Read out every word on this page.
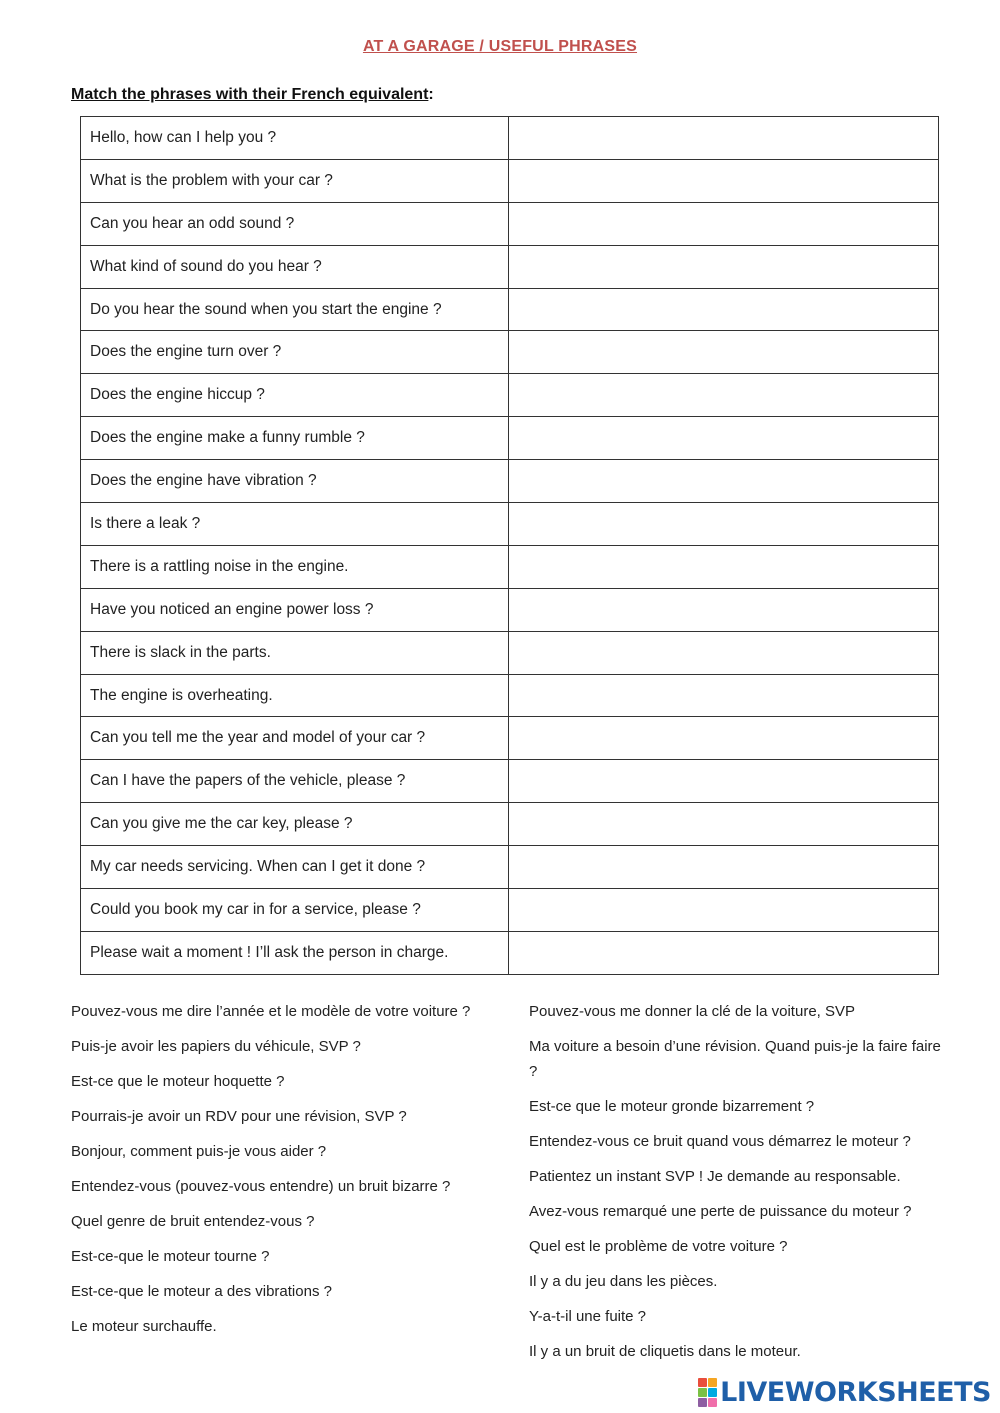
AT A GARAGE / USEFUL PHRASES
Match the phrases with their French equivalent:
Hello, how can I help you ?	
What is the problem with your car ?	
Can you hear an odd sound ?	
What kind of sound do you hear ?	
Do you hear the sound when you start the engine ?	
Does the engine turn over ?	
Does the engine hiccup ?	
Does the engine make a funny rumble ?	
Does the engine have vibration ?	
Is there a leak ?	
There is a rattling noise in the engine.	
Have you noticed an engine power loss ?	
There is slack in the parts.	
The engine is overheating.	
Can you tell me the year and model of your car ?	
Can I have the papers of the vehicle, please ?	
Can you give me the car key, please ?	
My car needs servicing. When can I get it done ?	
Could you book my car in for a service, please ?	
Please wait a moment ! I’ll ask the person in charge.	
Pouvez-vous me dire l’année et le modèle de votre voiture ?
Puis-je avoir les papiers du véhicule, SVP ?
Est-ce que le moteur hoquette ?
Pourrais-je avoir un RDV pour une révision, SVP ?
Bonjour, comment puis-je vous aider ?
Entendez-vous (pouvez-vous entendre) un bruit bizarre ?
Quel genre de bruit entendez-vous ?
Est-ce-que le moteur tourne ?
Est-ce-que le moteur a des vibrations ?
Le moteur surchauffe.
Pouvez-vous me donner la clé de la voiture, SVP
Ma voiture a besoin d’une révision. Quand puis-je la faire faire ?
Est-ce que le moteur gronde bizarrement ?
Entendez-vous ce bruit quand vous démarrez le moteur ?
Patientez un instant SVP ! Je demande au responsable.
Avez-vous remarqué une perte de puissance du moteur ?
Quel est le problème de votre voiture ?
Il y a du jeu dans les pièces.
Y-a-t-il une fuite ?
Il y a un bruit de cliquetis dans le moteur.
LIVEWORKSHEETS
